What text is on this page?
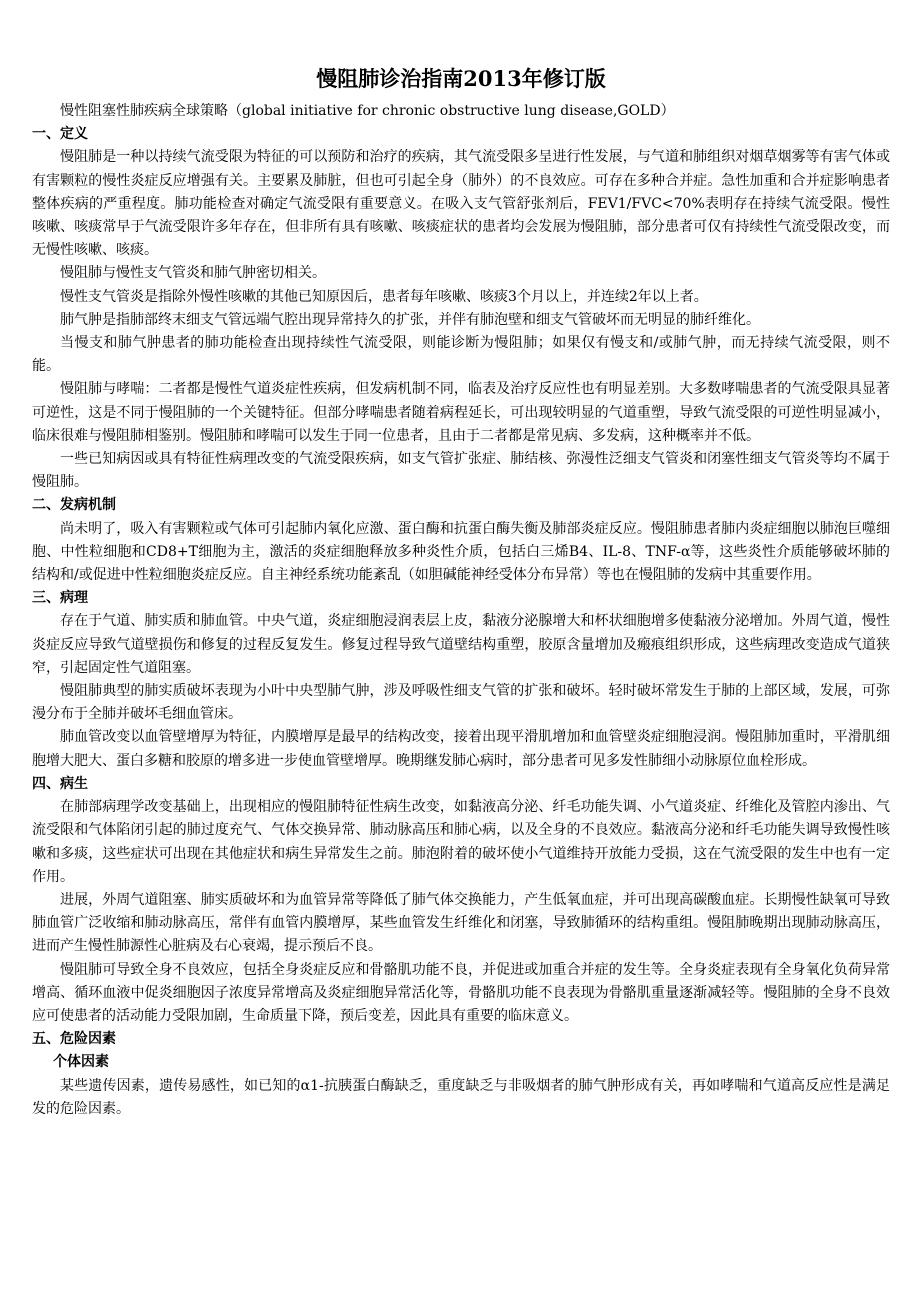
慢阻肺诊治指南2013年修订版

慢性阻塞性肺疾病全球策略（global initiative for chronic obstructive lung disease,GOLD）

一、定义

慢阻肺是一种以持续气流受限为特征的可以预防和治疗的疾病，其气流受限多呈进行性发展，与气道和肺组织对烟草烟雾等有害气体或有害颗粒的慢性炎症反应增强有关。主要累及肺脏，但也可引起全身（肺外）的不良效应。可存在多种合并症。急性加重和合并症影响患者整体疾病的严重程度。肺功能检查对确定气流受限有重要意义。在吸入支气管舒张剂后，FEV1/FVC<70%表明存在持续气流受限。慢性咳嗽、咳痰常早于气流受限许多年存在，但非所有具有咳嗽、咳痰症状的患者均会发展为慢阻肺，部分患者可仅有持续性气流受限改变，而无慢性咳嗽、咳痰。

慢阻肺与慢性支气管炎和肺气肿密切相关。

慢性支气管炎是指除外慢性咳嗽的其他已知原因后，患者每年咳嗽、咳痰3个月以上，并连续2年以上者。

肺气肿是指肺部终末细支气管远端气腔出现异常持久的扩张，并伴有肺泡壁和细支气管破坏而无明显的肺纤维化。

当慢支和肺气肿患者的肺功能检查出现持续性气流受限，则能诊断为慢阻肺；如果仅有慢支和/或肺气肿，而无持续气流受限，则不能。

慢阻肺与哮喘：二者都是慢性气道炎症性疾病，但发病机制不同，临表及治疗反应性也有明显差别。大多数哮喘患者的气流受限具显著可逆性，这是不同于慢阻肺的一个关键特征。但部分哮喘患者随着病程延长，可出现较明显的气道重塑，导致气流受限的可逆性明显减小，临床很难与慢阻肺相鉴别。慢阻肺和哮喘可以发生于同一位患者，且由于二者都是常见病、多发病，这种概率并不低。

一些已知病因或具有特征性病理改变的气流受限疾病，如支气管扩张症、肺结核、弥漫性泛细支气管炎和闭塞性细支气管炎等均不属于慢阻肺。

二、发病机制

尚未明了，吸入有害颗粒或气体可引起肺内氧化应激、蛋白酶和抗蛋白酶失衡及肺部炎症反应。慢阻肺患者肺内炎症细胞以肺泡巨噬细胞、中性粒细胞和CD8+T细胞为主，激活的炎症细胞释放多种炎性介质，包括白三烯B4、IL-8、TNF-α等，这些炎性介质能够破坏肺的结构和/或促进中性粒细胞炎症反应。自主神经系统功能紊乱（如胆碱能神经受体分布异常）等也在慢阻肺的发病中其重要作用。

三、病理

存在于气道、肺实质和肺血管。中央气道，炎症细胞浸润表层上皮，黏液分泌腺增大和杯状细胞增多使黏液分泌增加。外周气道，慢性炎症反应导致气道壁损伤和修复的过程反复发生。修复过程导致气道壁结构重塑，胶原含量增加及瘢痕组织形成，这些病理改变造成气道狭窄，引起固定性气道阻塞。

慢阻肺典型的肺实质破坏表现为小叶中央型肺气肿，涉及呼吸性细支气管的扩张和破坏。轻时破坏常发生于肺的上部区域，发展，可弥漫分布于全肺并破坏毛细血管床。

肺血管改变以血管壁增厚为特征，内膜增厚是最早的结构改变，接着出现平滑肌增加和血管壁炎症细胞浸润。慢阻肺加重时，平滑肌细胞增大肥大、蛋白多糖和胶原的增多进一步使血管壁增厚。晚期继发肺心病时，部分患者可见多发性肺细小动脉原位血栓形成。

四、病生

在肺部病理学改变基础上，出现相应的慢阻肺特征性病生改变，如黏液高分泌、纤毛功能失调、小气道炎症、纤维化及管腔内渗出、气流受限和气体陷闭引起的肺过度充气、气体交换异常、肺动脉高压和肺心病，以及全身的不良效应。黏液高分泌和纤毛功能失调导致慢性咳嗽和多痰，这些症状可出现在其他症状和病生异常发生之前。肺泡附着的破坏使小气道维持开放能力受损，这在气流受限的发生中也有一定作用。

进展，外周气道阻塞、肺实质破坏和为血管异常等降低了肺气体交换能力，产生低氧血症，并可出现高碳酸血症。长期慢性缺氧可导致肺血管广泛收缩和肺动脉高压，常伴有血管内膜增厚，某些血管发生纤维化和闭塞，导致肺循环的结构重组。慢阻肺晚期出现肺动脉高压，进而产生慢性肺源性心脏病及右心衰竭，提示预后不良。

慢阻肺可导致全身不良效应，包括全身炎症反应和骨骼肌功能不良，并促进或加重合并症的发生等。全身炎症表现有全身氧化负荷异常增高、循环血液中促炎细胞因子浓度异常增高及炎症细胞异常活化等，骨骼肌功能不良表现为骨骼肌重量逐渐减轻等。慢阻肺的全身不良效应可使患者的活动能力受限加剧，生命质量下降，预后变差，因此具有重要的临床意义。

五、危险因素
个体因素

某些遗传因素，遗传易感性，如已知的α1-抗胰蛋白酶缺乏，重度缺乏与非吸烟者的肺气肿形成有关，再如哮喘和气道高反应性是满足发的危险因素。
